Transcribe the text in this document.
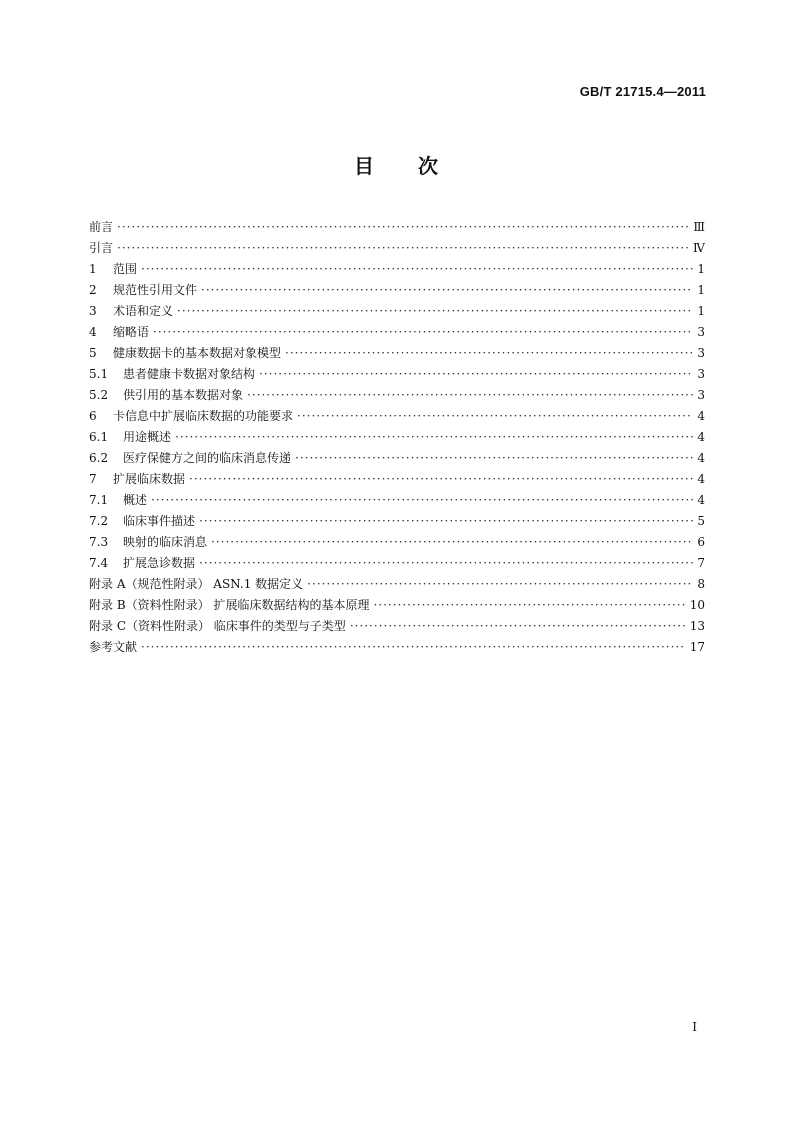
GB/T 21715.4—2011
目 次
前言 ·····	Ⅲ
引言 ·····	Ⅳ
1 范围 ·····	1
2 规范性引用文件 ·····	1
3 术语和定义 ·····	1
4 缩略语 ·····	3
5 健康数据卡的基本数据对象模型 ·····	3
5.1 患者健康卡数据对象结构 ·····	3
5.2 供引用的基本数据对象 ·····	3
6 卡信息中扩展临床数据的功能要求 ·····	4
6.1 用途概述 ·····	4
6.2 医疗保健方之间的临床消息传递 ·····	4
7 扩展临床数据 ·····	4
7.1 概述 ·····	4
7.2 临床事件描述 ·····	5
7.3 映射的临床消息 ·····	6
7.4 扩展急诊数据 ·····	7
附录 A（规范性附录） ASN.1 数据定义 ·····	8
附录 B（资料性附录） 扩展临床数据结构的基本原理 ·····	10
附录 C（资料性附录） 临床事件的类型与子类型 ·····	13
参考文献 ·····	17
I
